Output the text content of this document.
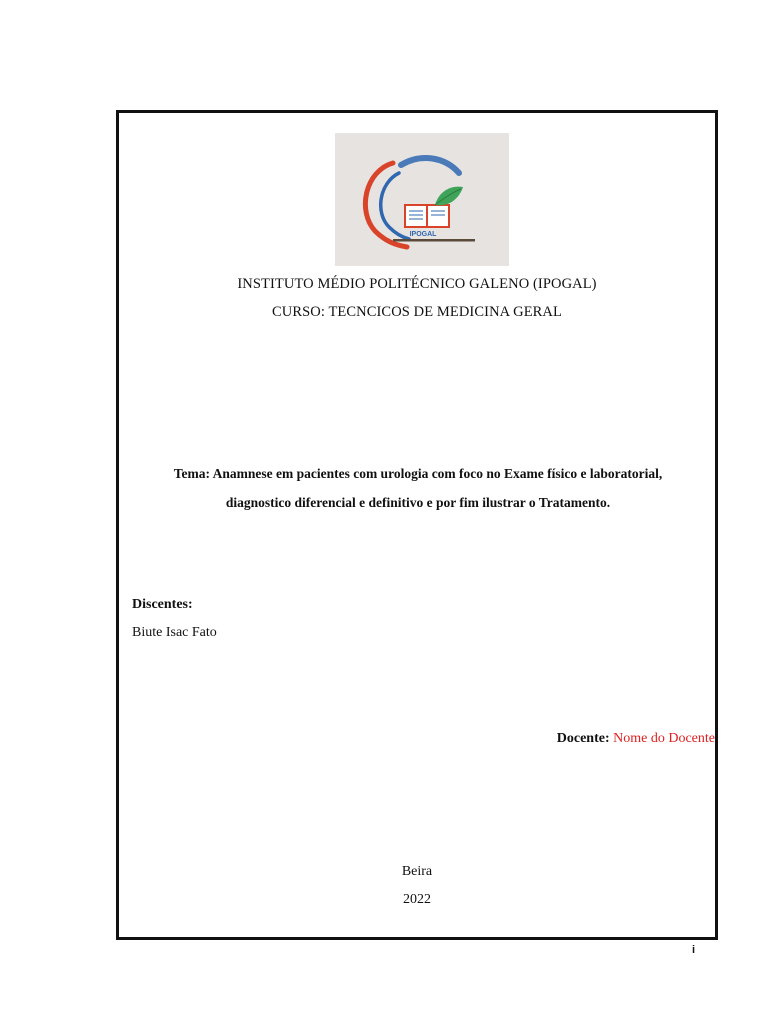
IPOGAL
INSTITUTO MÉDIO POLITÉCNICO GALENO (IPOGAL)
CURSO: TECNCICOS DE MEDICINA GERAL
Tema: Anamnese em pacientes com urologia com foco no Exame físico e laboratorial, diagnostico diferencial e definitivo e por fim ilustrar o Tratamento.
Discentes:
Biute Isac Fato
Docente: Nome do Docente
Beira
2022
i
